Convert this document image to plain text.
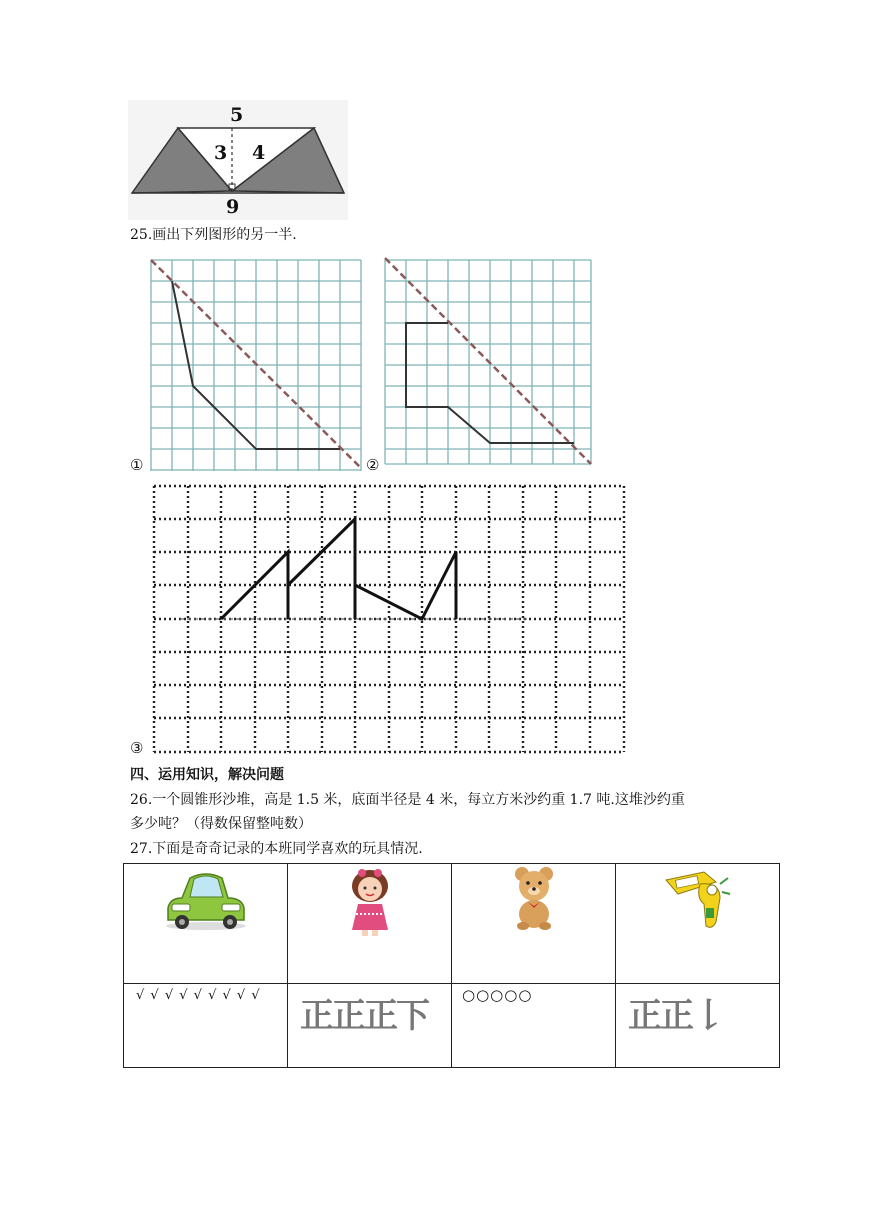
5
3 4
9
25.画出下列图形的另一半.
①	②
③
四、运用知识，解决问题
26.一个圆锥形沙堆，高是 1.5 米，底面半径是 4 米，每立方米沙约重 1.7 吨.这堆沙约重
多少吨？（得数保留整吨数）
27.下面是奇奇记录的本班同学喜欢的玩具情况.

√ √ √ √ √ √ √ √ √	正正正下	○○○○○	正正𠄌
